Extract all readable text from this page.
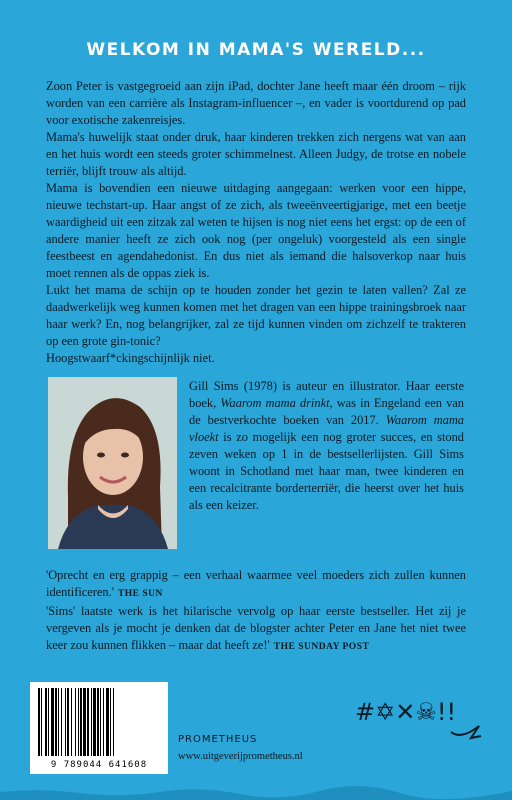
WELKOM IN MAMA'S WERELD...

Zoon Peter is vastgegroeid aan zijn iPad, dochter Jane heeft maar één droom – rijk worden van een carrière als Instagram-influencer –, en vader is voortdurend op pad voor exotische zakenreisjes.

Mama's huwelijk staat onder druk, haar kinderen trekken zich nergens wat van aan en het huis wordt een steeds groter schimmelnest. Alleen Judgy, de trotse en nobele terriër, blijft trouw als altijd.

Mama is bovendien een nieuwe uitdaging aangegaan: werken voor een hippe, nieuwe techstart-up. Haar angst of ze zich, als tweeënveertigjarige, met een beetje waardigheid uit een zitzak zal weten te hijsen is nog niet eens het ergst: op de een of andere manier heeft ze zich ook nog (per ongeluk) voorgesteld als een single feestbeest en agendahedonist. En dus niet als iemand die halsoverkop naar huis moet rennen als de oppas ziek is.

Lukt het mama de schijn op te houden zonder het gezin te laten vallen? Zal ze daadwerkelijk weg kunnen komen met het dragen van een hippe trainingsbroek naar haar werk? En, nog belangrijker, zal ze tijd kunnen vinden om zichzelf te trakteren op een grote gin-tonic?

Hoogstwaarf*ckingschijnlijk niet.

Gill Sims (1978) is auteur en illustrator. Haar eerste boek, Waarom mama drinkt, was in Engeland een van de bestverkochte boeken van 2017. Waarom mama vloekt is zo mogelijk een nog groter succes, en stond zeven weken op 1 in de bestsellerlijsten. Gill Sims woont in Schotland met haar man, twee kinderen en een recalcitrante borderterriër, die heerst over het huis als een keizer.

'Oprecht en erg grappig – een verhaal waarmee veel moeders zich zullen kunnen identificeren.' THE SUN

'Sims' laatste werk is het hilarische vervolg op haar eerste bestseller. Het zij je vergeven als je mocht je denken dat de blogster achter Peter en Jane het niet twee keer zou kunnen flikken – maar dat heeft ze!' THE SUNDAY POST

9 789044 641608
PROMETHEUS
www.uitgeverijprometheus.nl
#✡✕☠!!
